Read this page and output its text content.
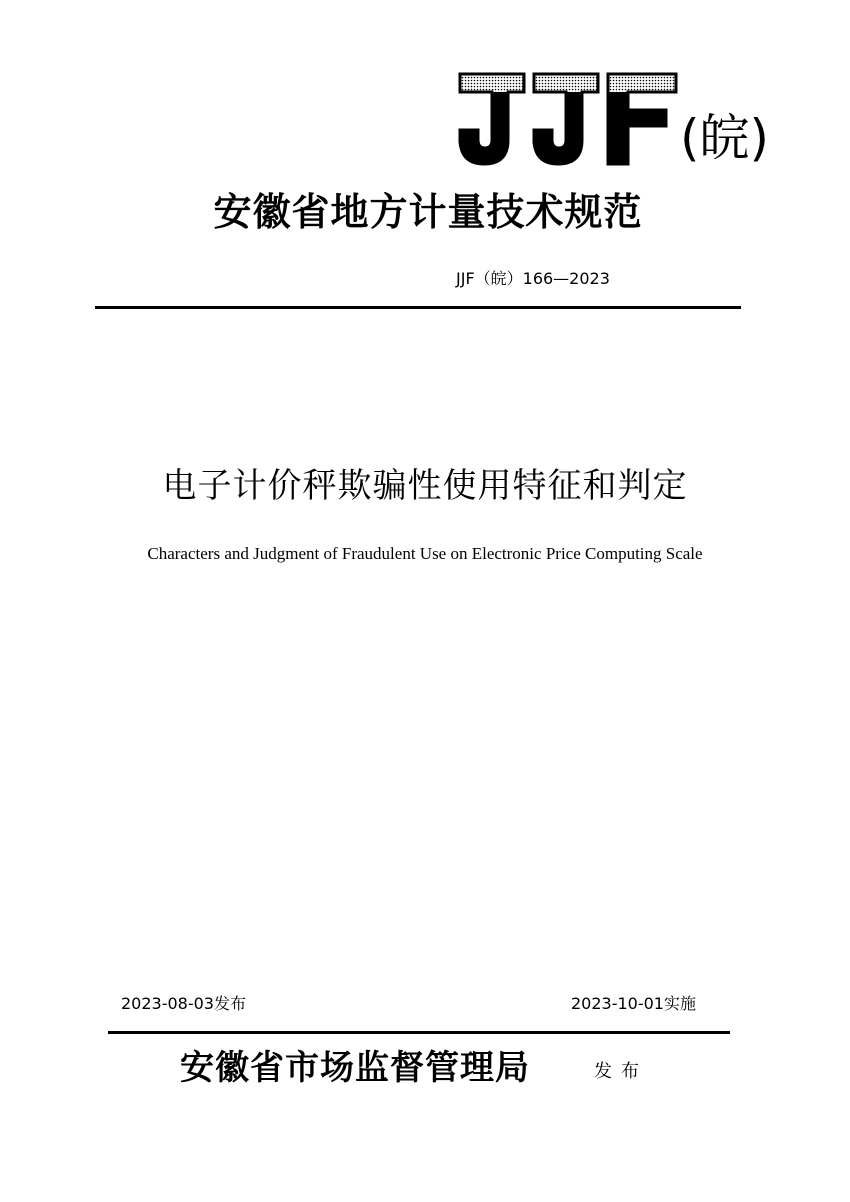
(皖)
安徽省地方计量技术规范
JJF（皖）166—2023
电子计价秤欺骗性使用特征和判定
Characters and Judgment of Fraudulent Use on Electronic Price Computing Scale
2023-08-03发布	2023-10-01实施
安徽省市场监督管理局	发布
